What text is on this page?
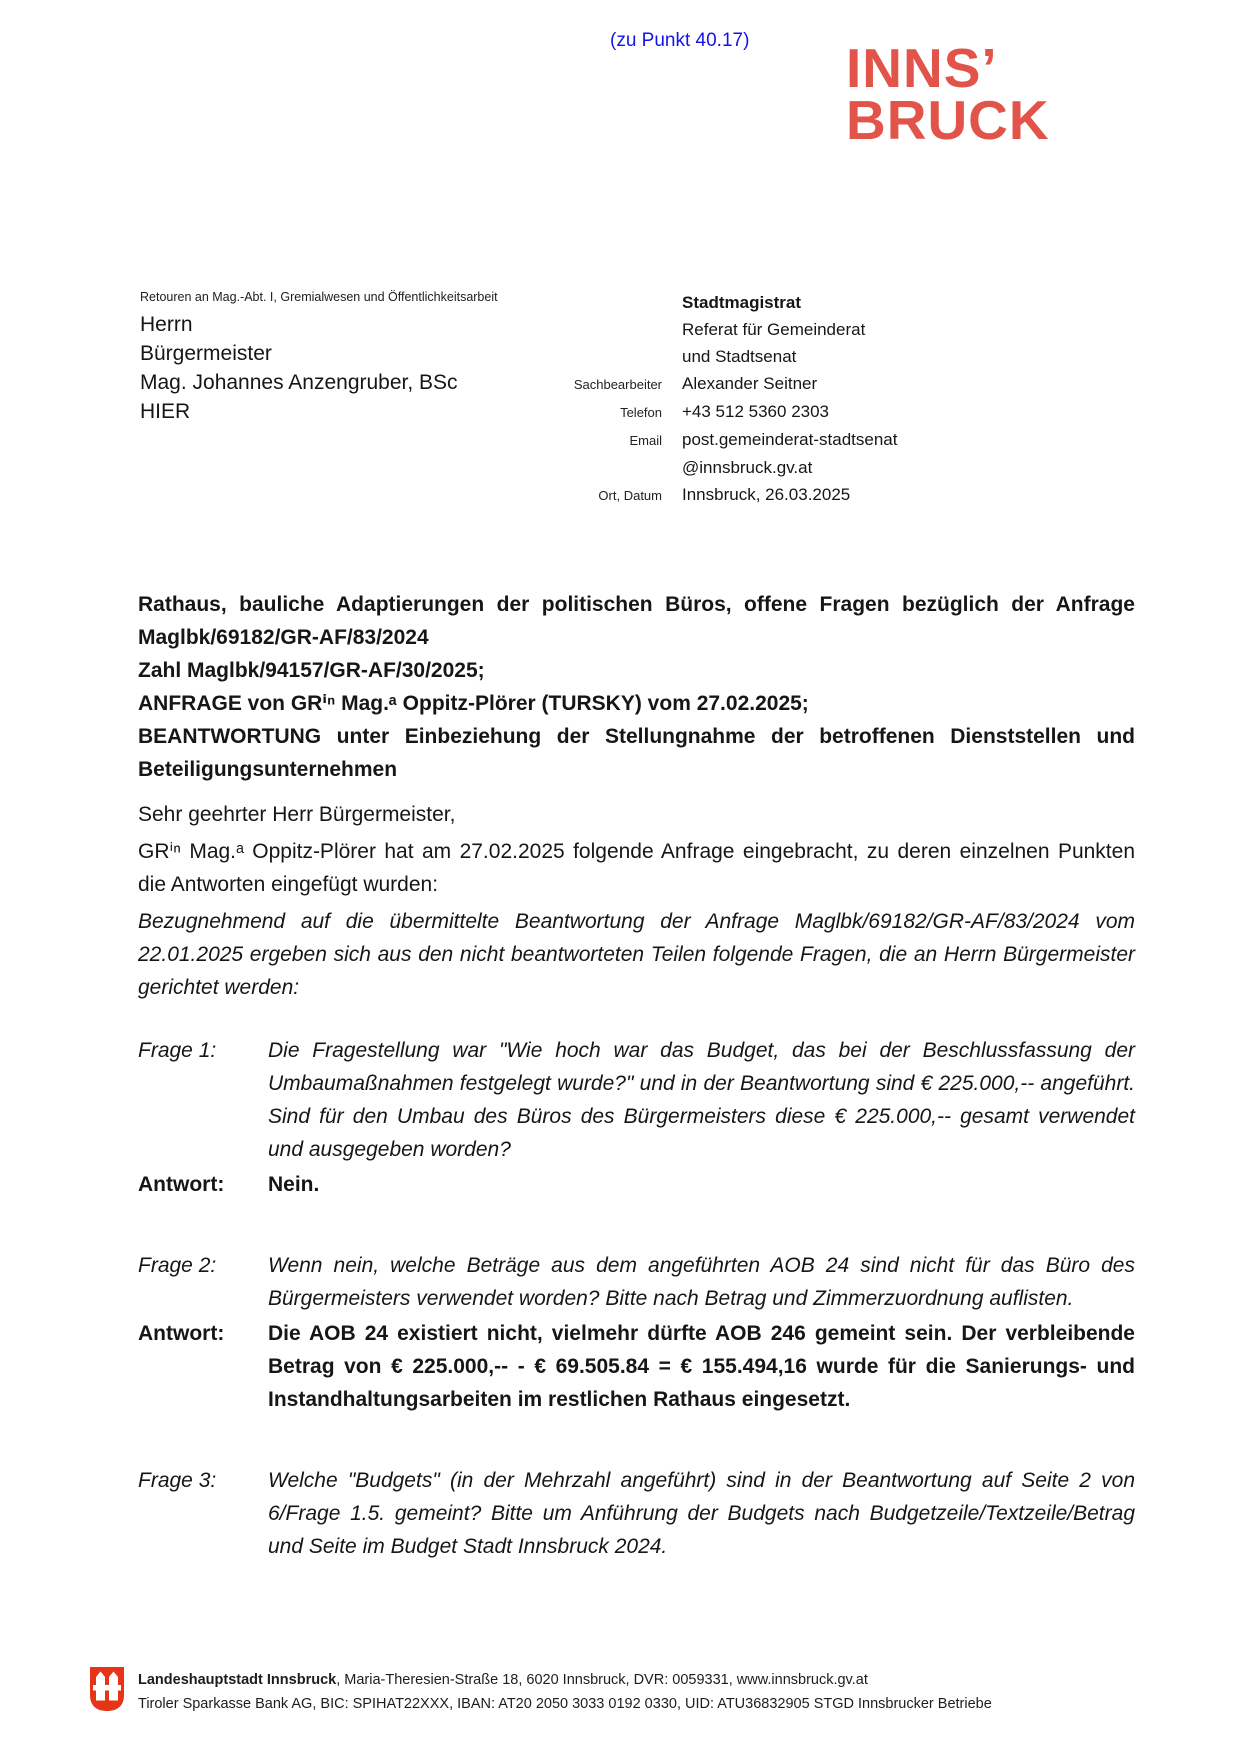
(zu Punkt 40.17) INNS’
BRUCK
Retouren an Mag.-Abt. I, Gremialwesen und Öffentlichkeitsarbeit
Herrn
Bürgermeister
Mag. Johannes Anzengruber, BSc
HIER
Stadtmagistrat
Referat für Gemeinderat
und Stadtsenat
Sachbearbeiter Alexander Seitner
Telefon +43 512 5360 2303
Email post.gemeinderat-stadtsenat
@innsbruck.gv.at
Ort, Datum Innsbruck, 26.03.2025
Rathaus, bauliche Adaptierungen der politischen Büros, offene Fragen bezüglich der Anfrage Maglbk/69182/GR-AF/83/2024
Zahl Maglbk/94157/GR-AF/30/2025;
ANFRAGE von GRⁱⁿ Mag.ᵃ Oppitz-Plörer (TURSKY) vom 27.02.2025;
BEANTWORTUNG unter Einbeziehung der Stellungnahme der betroffenen Dienststellen und Beteiligungsunternehmen
Sehr geehrter Herr Bürgermeister,
GRⁱⁿ Mag.ᵃ Oppitz-Plörer hat am 27.02.2025 folgende Anfrage eingebracht, zu deren einzelnen Punkten die Antworten eingefügt wurden:
Bezugnehmend auf die übermittelte Beantwortung der Anfrage Maglbk/69182/GR-AF/83/2024 vom 22.01.2025 ergeben sich aus den nicht beantworteten Teilen folgende Fragen, die an Herrn Bürgermeister gerichtet werden:
Frage 1:	Die Fragestellung war "Wie hoch war das Budget, das bei der Beschlussfassung der Umbaumaßnahmen festgelegt wurde?" und in der Beantwortung sind € 225.000,-- angeführt. Sind für den Umbau des Büros des Bürgermeisters diese € 225.000,-- gesamt verwendet und ausgegeben worden?
Antwort:	Nein.
Frage 2:	Wenn nein, welche Beträge aus dem angeführten AOB 24 sind nicht für das Büro des Bürgermeisters verwendet worden? Bitte nach Betrag und Zimmerzuordnung auflisten.
Antwort:	Die AOB 24 existiert nicht, vielmehr dürfte AOB 246 gemeint sein. Der verbleibende Betrag von € 225.000,-- - € 69.505.84 = € 155.494,16 wurde für die Sanierungs- und Instandhaltungsarbeiten im restlichen Rathaus eingesetzt.
Frage 3:	Welche "Budgets" (in der Mehrzahl angeführt) sind in der Beantwortung auf Seite 2 von 6/Frage 1.5. gemeint? Bitte um Anführung der Budgets nach Budgetzeile/Textzeile/Betrag und Seite im Budget Stadt Innsbruck 2024.
Landeshauptstadt Innsbruck, Maria-Theresien-Straße 18, 6020 Innsbruck, DVR: 0059331, www.innsbruck.gv.at
Tiroler Sparkasse Bank AG, BIC: SPIHAT22XXX, IBAN: AT20 2050 3033 0192 0330, UID: ATU36832905 STGD Innsbrucker Betriebe
